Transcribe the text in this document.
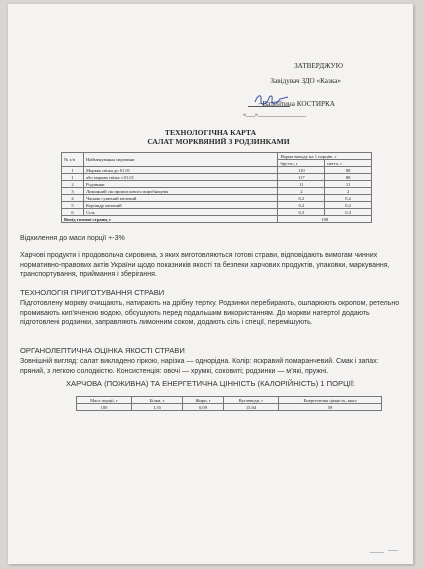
ЗАТВЕРДЖУЮ
Завідувач ЗДО «Казка»
Валентина КОСТИРКА
«___»________________
ТЕХНОЛОГІЧНА КАРТА
САЛАТ МОРКВЯНИЙ З РОДЗИНКАМИ
№ з/п	Найменування сировини	Норма виходу на 1 порцію, г	
		брутто, г	нетто, г
1	Морква свіжа до 01.01	110	88
1	або морква свіжа з 01.01	117	88
2	Родзинки	11	11
3	Лимонний сік промислового виробництва	2	2
4	Часник сушений мелений	0,2	0,2
5	Коріандр мелений	0,2	0,2
6	Сіль	0,3	0,3
Вихід готової страви, г		100	
Відхилення до маси порції +-3%
Харчові продукти і продовольча сировина, з яких виготовляються готові страви, відповідають вимогам чинних нормативно-правових актів України щодо показників якості та безпеки харчових продуктів, упаковки, маркування, транспортування, приймання і зберігання.
ТЕХНОЛОГІЯ ПРИГОТУВАННЯ СТРАВИ
Підготовлену моркву очищають, натирають на дрібну тертку. Родзинки перебирають, ошпарюють окропом, ретельно промивають кип’яченою водою, обсушують перед подальшим використанням. До моркви натертої додають підготовлені родзинки, заправляють лимонним соком, додають сіль і спеції, перемішують.
ОРГАНОЛЕПТИЧНА ОЦІНКА ЯКОСТІ СТРАВИ
Зовнішній вигляд: салат викладено гіркою, нарізка — однорідна. Колір: яскравий помаранчевий. Смак і запах: пряний, з легкою солодкістю. Консистенція: овочі — хрумкі, соковиті; родзинки — м’які, пружні.
ХАРЧОВА (ПОЖИВНА) ТА ЕНЕРГЕТИЧНА ЦІННІСТЬ (КАЛОРІЙНІСТЬ) 1 ПОРЦІЇ:
Маса порції, г	Білки, г	Жири, г	Вуглеводи, г	Енергетична цінність, ккал
100	1,35	0,09	15,04	59
